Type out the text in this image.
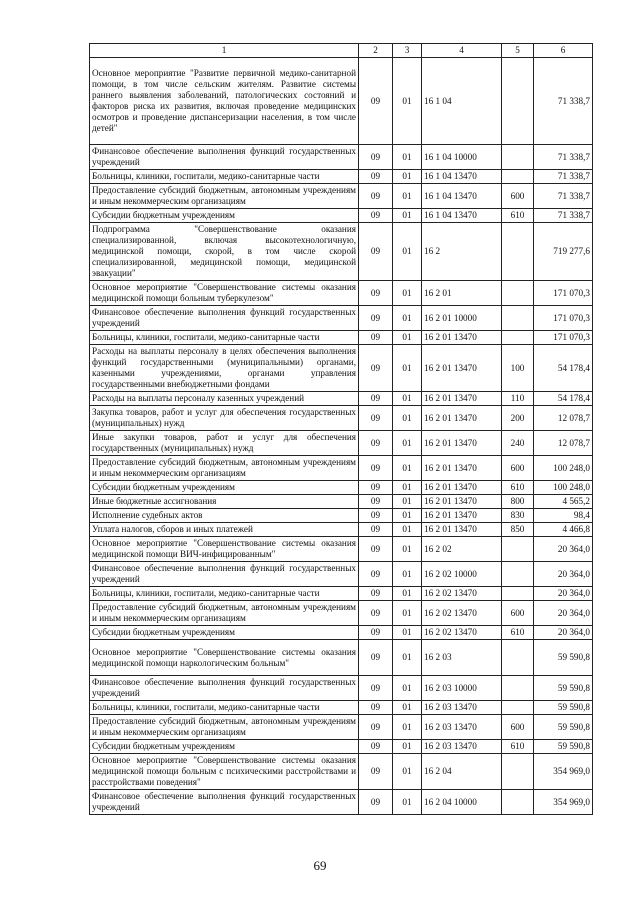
1	2	3	4	5	6
Основное мероприятие "Развитие первичной медико-санитарной помощи, в том числе сельским жителям. Развитие системы раннего выявления заболеваний, патологических состояний и факторов риска их развития, включая проведение медицинских осмотров и проведение диспансеризации населения, в том числе детей"	09	01	16 1 04		71 338,7
Финансовое обеспечение выполнения функций государственных учреждений	09	01	16 1 04 10000		71 338,7
Больницы, клиники, госпитали, медико-санитарные части	09	01	16 1 04 13470		71 338,7
Предоставление субсидий бюджетным, автономным учреждениям и иным некоммерческим организациям	09	01	16 1 04 13470	600	71 338,7
Субсидии бюджетным учреждениям	09	01	16 1 04 13470	610	71 338,7
Подпрограмма "Совершенствование оказания специализированной, включая высокотехнологичную, медицинской помощи, скорой, в том числе скорой специализированной, медицинской помощи, медицинской эвакуации"	09	01	16 2		719 277,6
Основное мероприятие "Совершенствование системы оказания медицинской помощи больным туберкулезом"	09	01	16 2 01		171 070,3
Финансовое обеспечение выполнения функций государственных учреждений	09	01	16 2 01 10000		171 070,3
Больницы, клиники, госпитали, медико-санитарные части	09	01	16 2 01 13470		171 070,3
Расходы на выплаты персоналу в целях обеспечения выполнения функций государственными (муниципальными) органами, казенными учреждениями, органами управления государственными внебюджетными фондами	09	01	16 2 01 13470	100	54 178,4
Расходы на выплаты персоналу казенных учреждений	09	01	16 2 01 13470	110	54 178,4
Закупка товаров, работ и услуг для обеспечения государственных (муниципальных) нужд	09	01	16 2 01 13470	200	12 078,7
Иные закупки товаров, работ и услуг для обеспечения государственных (муниципальных) нужд	09	01	16 2 01 13470	240	12 078,7
Предоставление субсидий бюджетным, автономным учреждениям и иным некоммерческим организациям	09	01	16 2 01 13470	600	100 248,0
Субсидии бюджетным учреждениям	09	01	16 2 01 13470	610	100 248,0
Иные бюджетные ассигнования	09	01	16 2 01 13470	800	4 565,2
Исполнение судебных актов	09	01	16 2 01 13470	830	98,4
Уплата налогов, сборов и иных платежей	09	01	16 2 01 13470	850	4 466,8
Основное мероприятие "Совершенствование системы оказания медицинской помощи ВИЧ-инфицированным"	09	01	16 2 02		20 364,0
Финансовое обеспечение выполнения функций государственных учреждений	09	01	16 2 02 10000		20 364,0
Больницы, клиники, госпитали, медико-санитарные части	09	01	16 2 02 13470		20 364,0
Предоставление субсидий бюджетным, автономным учреждениям и иным некоммерческим организациям	09	01	16 2 02 13470	600	20 364,0
Субсидии бюджетным учреждениям	09	01	16 2 02 13470	610	20 364,0
Основное мероприятие "Совершенствование системы оказания медицинской помощи наркологическим больным"	09	01	16 2 03		59 590,8
Финансовое обеспечение выполнения функций государственных учреждений	09	01	16 2 03 10000		59 590,8
Больницы, клиники, госпитали, медико-санитарные части	09	01	16 2 03 13470		59 590,8
Предоставление субсидий бюджетным, автономным учреждениям и иным некоммерческим организациям	09	01	16 2 03 13470	600	59 590,8
Субсидии бюджетным учреждениям	09	01	16 2 03 13470	610	59 590,8
Основное мероприятие "Совершенствование системы оказания медицинской помощи больным с психическими расстройствами и расстройствами поведения"	09	01	16 2 04		354 969,0
Финансовое обеспечение выполнения функций государственных учреждений	09	01	16 2 04 10000		354 969,0
69
